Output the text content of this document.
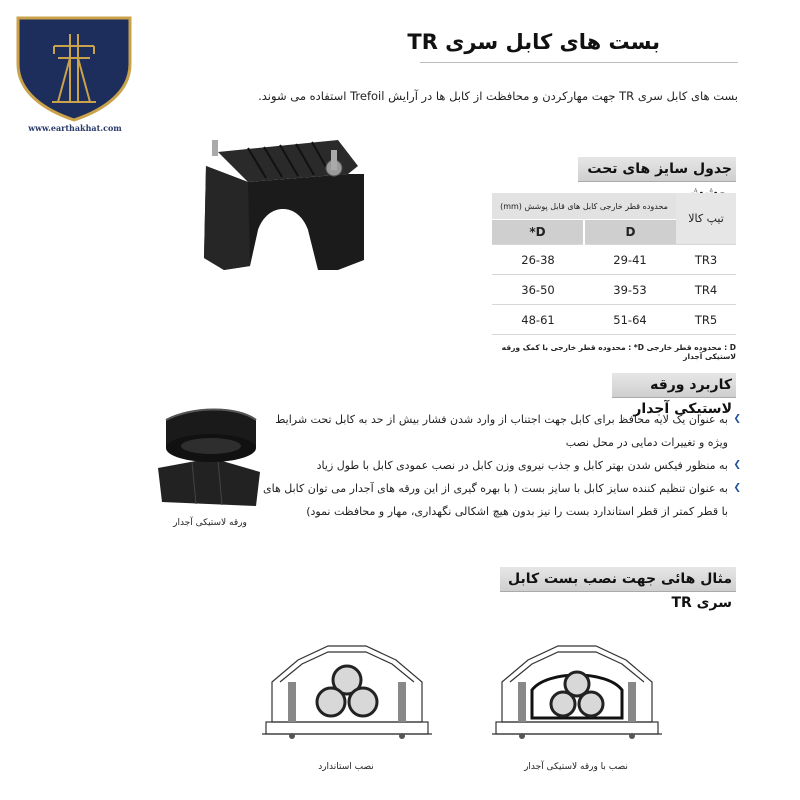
www.earthakhat.com
بست های کابل سری TR
بست های کابل سری TR جهت مهارکردن و محافظت از کابل ها در آرایش Trefoil استفاده می شوند.
جدول سایز های تحت
تیپ کالا	محدوده قطر خارجی کابل های قابل پوشش (mm)	
	D	D*
TR3	29-41	26-38
TR4	39-53	36-50
TR5	51-64	48-61
D : محدوده قطر خارجی D* : محدوده قطر خارجی با کمک ورقه لاستیکی آجدار
کاربرد ورقه لاستیکی آجدار
ورقه لاستیکی آجدار
❯ به عنوان یک لایه محافظ برای کابل جهت اجتناب از وارد شدن فشار بیش از حد به کابل تحت شرایط ویژه و تغییرات دمایی در محل نصب
❯ به منظور فیکس شدن بهتر کابل و جذب نیروی وزن کابل در نصب عمودی کابل با طول زیاد
❯ به عنوان تنظیم کننده سایز کابل با سایز بست ( با بهره گیری از این ورقه های آجدار می توان کابل های با قطر کمتر از قطر استاندارد بست را نیز بدون هیچ اشکالی نگهداری، مهار و محافظت نمود)
مثال هائی جهت نصب بست کابل سری TR
نصب استاندارد	نصب با ورقه لاستیکی آجدار
